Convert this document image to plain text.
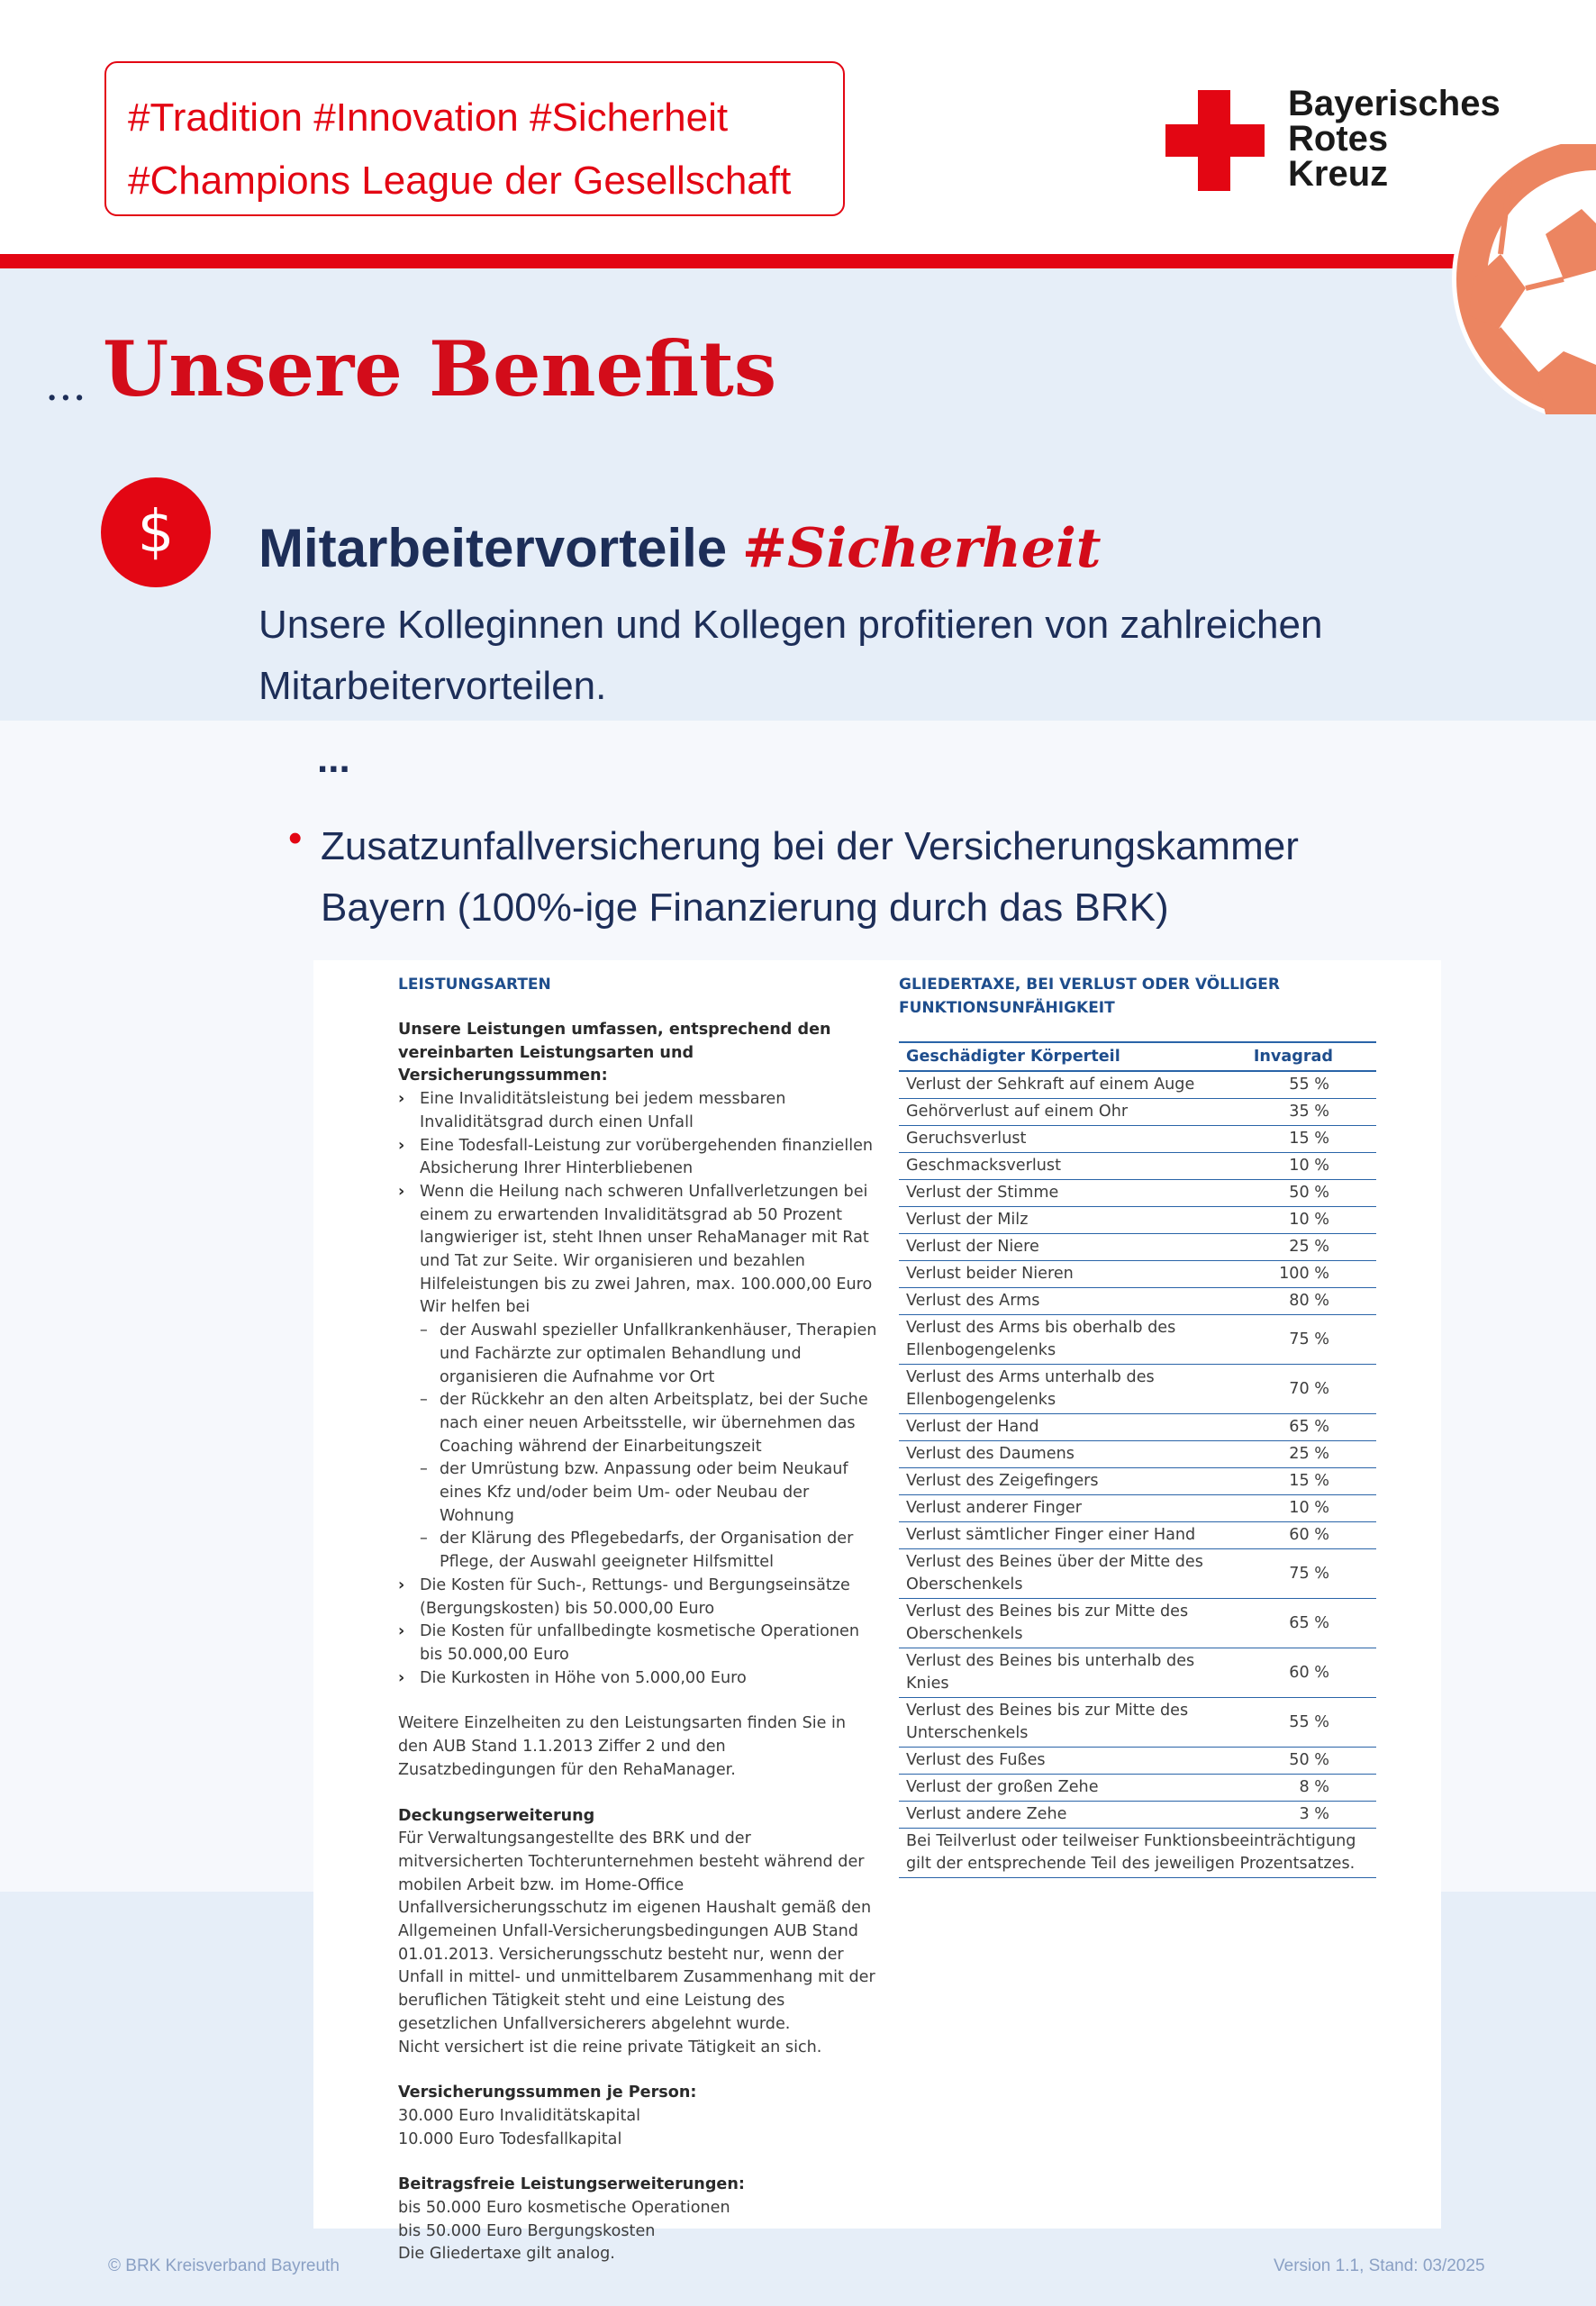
#Tradition #Innovation #Sicherheit
#Champions League der Gesellschaft
Bayerisches
Rotes
Kreuz
... Unsere Benefits
$	Mitarbeitervorteile #Sicherheit
Unsere Kolleginnen und Kollegen profitieren von zahlreichen Mitarbeitervorteilen.
...
• Zusatzunfallversicherung bei der Versicherungskammer Bayern (100%-ige Finanzierung durch das BRK)
LEISTUNGSARTEN
Unsere Leistungen umfassen, entsprechend den vereinbarten Leistungsarten und Versicherungssummen:
› Eine Invaliditätsleistung bei jedem messbaren Invaliditätsgrad durch einen Unfall
› Eine Todesfall-Leistung zur vorübergehenden finanziellen Absicherung Ihrer Hinterbliebenen
› Wenn die Heilung nach schweren Unfallverletzungen bei einem zu erwartenden Invaliditätsgrad ab 50 Prozent langwieriger ist, steht Ihnen unser RehaManager mit Rat und Tat zur Seite. Wir organisieren und bezahlen Hilfeleistungen bis zu zwei Jahren, max. 100.000,00 Euro
Wir helfen bei
– der Auswahl spezieller Unfallkrankenhäuser, Therapien und Fachärzte zur optimalen Behandlung und organisieren die Aufnahme vor Ort
– der Rückkehr an den alten Arbeitsplatz, bei der Suche nach einer neuen Arbeitsstelle, wir übernehmen das Coaching während der Einarbeitungszeit
– der Umrüstung bzw. Anpassung oder beim Neukauf eines Kfz und/oder beim Um- oder Neubau der Wohnung
– der Klärung des Pflegebedarfs, der Organisation der Pflege, der Auswahl geeigneter Hilfsmittel
› Die Kosten für Such-, Rettungs- und Bergungseinsätze (Bergungskosten) bis 50.000,00 Euro
› Die Kosten für unfallbedingte kosmetische Operationen bis 50.000,00 Euro
› Die Kurkosten in Höhe von 5.000,00 Euro
Weitere Einzelheiten zu den Leistungsarten finden Sie in den AUB Stand 1.1.2013 Ziffer 2 und den Zusatzbedingungen für den RehaManager.
Deckungserweiterung
Für Verwaltungsangestellte des BRK und der mitversicherten Tochterunternehmen besteht während der mobilen Arbeit bzw. im Home-Office Unfallversicherungsschutz im eigenen Haushalt gemäß den Allgemeinen Unfall-Versicherungsbedingungen AUB Stand 01.01.2013. Versicherungsschutz besteht nur, wenn der Unfall in mittel- und unmittelbarem Zusammenhang mit der beruflichen Tätigkeit steht und eine Leistung des gesetzlichen Unfallversicherers abgelehnt wurde.
Nicht versichert ist die reine private Tätigkeit an sich.
Versicherungssummen je Person:
30.000 Euro Invaliditätskapital
10.000 Euro Todesfallkapital
Beitragsfreie Leistungserweiterungen:
bis 50.000 Euro kosmetische Operationen
bis 50.000 Euro Bergungskosten
Die Gliedertaxe gilt analog.
GLIEDERTAXE, BEI VERLUST ODER VÖLLIGER FUNKTIONSUNFÄHIGKEIT
Geschädigter Körperteil	Invagrad
Verlust der Sehkraft auf einem Auge	55 %
Gehörverlust auf einem Ohr	35 %
Geruchsverlust	15 %
Geschmacksverlust	10 %
Verlust der Stimme	50 %
Verlust der Milz	10 %
Verlust der Niere	25 %
Verlust beider Nieren	100 %
Verlust des Arms	80 %
Verlust des Arms bis oberhalb des Ellenbogengelenks	75 %
Verlust des Arms unterhalb des Ellenbogengelenks	70 %
Verlust der Hand	65 %
Verlust des Daumens	25 %
Verlust des Zeigefingers	15 %
Verlust anderer Finger	10 %
Verlust sämtlicher Finger einer Hand	60 %
Verlust des Beines über der Mitte des Oberschenkels	75 %
Verlust des Beines bis zur Mitte des Oberschenkels	65 %
Verlust des Beines bis unterhalb des Knies	60 %
Verlust des Beines bis zur Mitte des Unterschenkels	55 %
Verlust des Fußes	50 %
Verlust der großen Zehe	8 %
Verlust andere Zehe	3 %
Bei Teilverlust oder teilweiser Funktionsbeeinträchtigung gilt der entsprechende Teil des jeweiligen Prozentsatzes.
© BRK Kreisverband Bayreuth	Version 1.1, Stand: 03/2025
